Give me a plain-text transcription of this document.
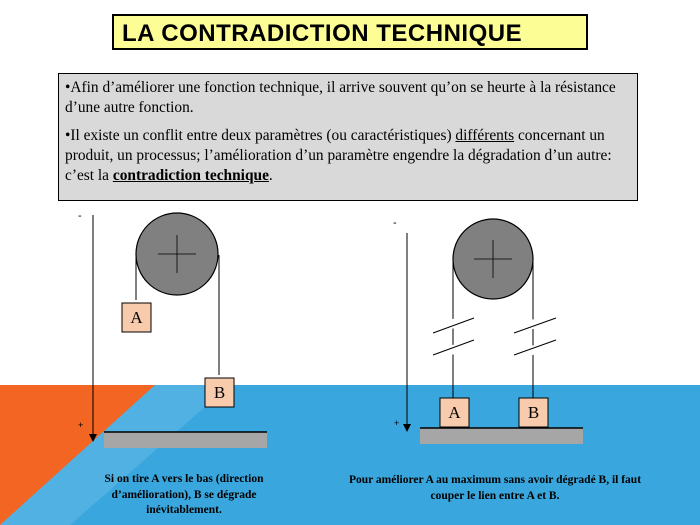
A
B
A	B
LA CONTRADICTION TECHNIQUE

•Afin d’améliorer une fonction technique, il arrive souvent qu’on se heurte à la résistance d’une autre fonction.

•Il existe un conflit entre deux paramètres (ou caractéristiques) différents concernant un produit, un processus; l’amélioration d’un paramètre engendre la dégradation d’un autre: c’est la contradiction technique.

-
+
-
+
Si on tire A vers le bas (direction d’amélioration), B se dégrade inévitablement.
Pour améliorer A au maximum sans avoir dégradé B, il faut couper le lien entre A et B.
